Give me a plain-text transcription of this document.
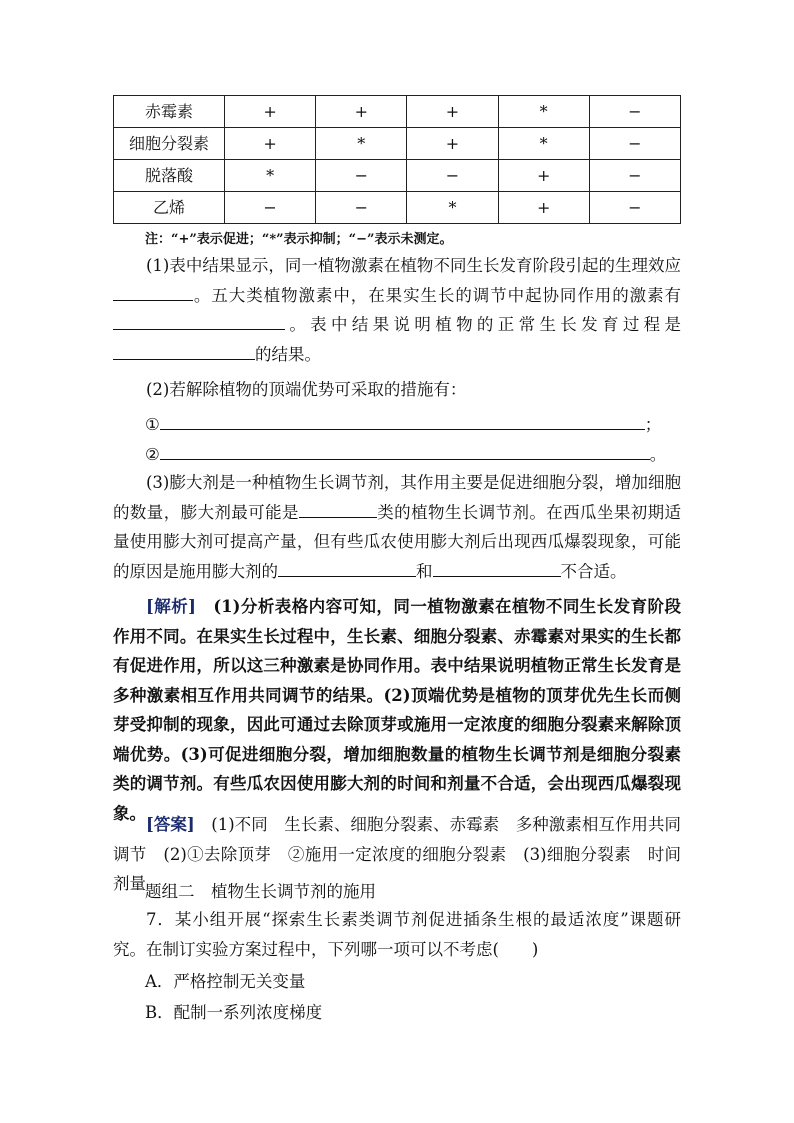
赤霉素	+	+	+	*	−
细胞分裂素	+	*	+	*	−
脱落酸	*	−	−	+	−
乙烯	−	−	*	+	−
注：“+”表示促进；“*”表示抑制；“−”表示未测定。

(1)表中结果显示，同一植物激素在植物不同生长发育阶段引起的生理效应。五大类植物激素中，在果实生长的调节中起协同作用的激素有。表中结果说明植物的正常生长发育过程是的结果。

(2)若解除植物的顶端优势可采取的措施有：

①	；
②	。

(3)膨大剂是一种植物生长调节剂，其作用主要是促进细胞分裂，增加细胞的数量，膨大剂最可能是	类的植物生长调节剂。在西瓜坐果初期适量使用膨大剂可提高产量，但有些瓜农使用膨大剂后出现西瓜爆裂现象，可能的原因是施用膨大剂的	和	不合适。

[解析]　 (1)分析表格内容可知，同一植物激素在植物不同生长发育阶段作用不同。在果实生长过程中，生长素、细胞分裂素、赤霉素对果实的生长都有促进作用，所以这三种激素是协同作用。表中结果说明植物正常生长发育是多种激素相互作用共同调节的结果。(2)顶端优势是植物的顶芽优先生长而侧芽受抑制的现象，因此可通过去除顶芽或施用一定浓度的细胞分裂素来解除顶端优势。(3)可促进细胞分裂，增加细胞数量的植物生长调节剂是细胞分裂素类的调节剂。有些瓜农因使用膨大剂的时间和剂量不合适，会出现西瓜爆裂现象。

[答案]　 (1)不同　生长素、细胞分裂素、赤霉素　多种激素相互作用共同调节　(2)①去除顶芽　②施用一定浓度的细胞分裂素　(3)细胞分裂素　时间　剂量 题组二　植物生长调节剂的施用

7．某小组开展“探索生长素类调节剂促进插条生根的最适浓度”课题研究。在制订实验方案过程中，下列哪一项可以不考虑(　　)

A．严格控制无关变量
B．配制一系列浓度梯度
